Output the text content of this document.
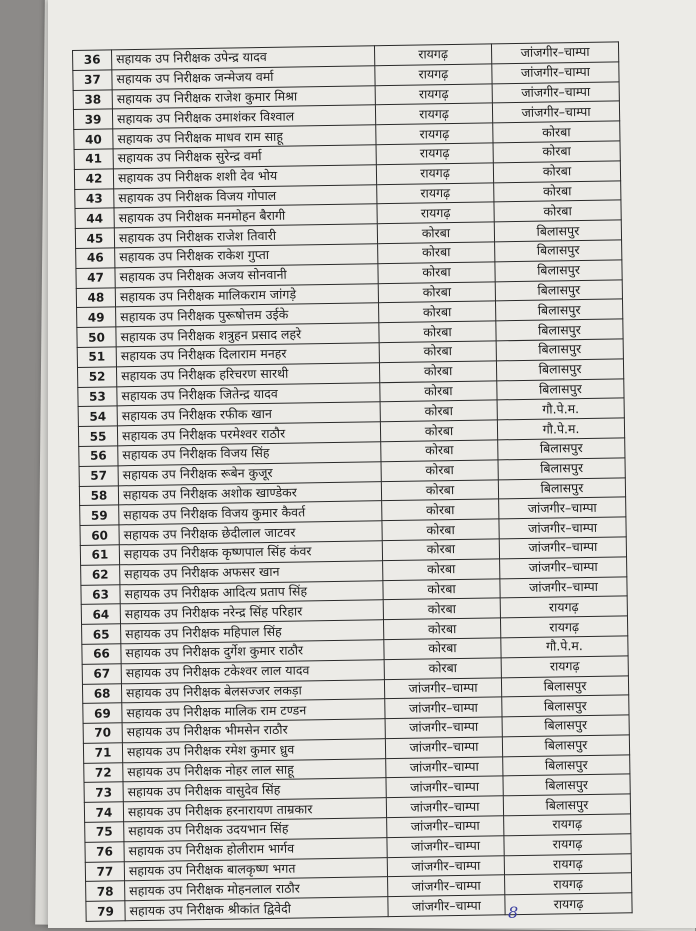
36	सहायक उप निरीक्षक उपेन्द्र यादव	रायगढ़	जांजगीर–चाम्पा
37	सहायक उप निरीक्षक जन्मेजय वर्मा	रायगढ़	जांजगीर–चाम्पा
38	सहायक उप निरीक्षक राजेश कुमार मिश्रा	रायगढ़	जांजगीर–चाम्पा
39	सहायक उप निरीक्षक उमाशंकर विश्वाल	रायगढ़	जांजगीर–चाम्पा
40	सहायक उप निरीक्षक माधव राम साहू	रायगढ़	कोरबा
41	सहायक उप निरीक्षक सुरेन्द्र वर्मा	रायगढ़	कोरबा
42	सहायक उप निरीक्षक शशी देव भोय	रायगढ़	कोरबा
43	सहायक उप निरीक्षक विजय गोपाल	रायगढ़	कोरबा
44	सहायक उप निरीक्षक मनमोहन बैरागी	रायगढ़	कोरबा
45	सहायक उप निरीक्षक राजेश तिवारी	कोरबा	बिलासपुर
46	सहायक उप निरीक्षक राकेश गुप्ता	कोरबा	बिलासपुर
47	सहायक उप निरीक्षक अजय सोनवानी	कोरबा	बिलासपुर
48	सहायक उप निरीक्षक मालिकराम जांगड़े	कोरबा	बिलासपुर
49	सहायक उप निरीक्षक पुरूषोत्तम उईके	कोरबा	बिलासपुर
50	सहायक उप निरीक्षक शत्रुहन प्रसाद लहरे	कोरबा	बिलासपुर
51	सहायक उप निरीक्षक दिलाराम मनहर	कोरबा	बिलासपुर
52	सहायक उप निरीक्षक हरिचरण सारथी	कोरबा	बिलासपुर
53	सहायक उप निरीक्षक जितेन्द्र यादव	कोरबा	बिलासपुर
54	सहायक उप निरीक्षक रफीक खान	कोरबा	गौ.पे.म.
55	सहायक उप निरीक्षक परमेश्वर राठौर	कोरबा	गौ.पे.म.
56	सहायक उप निरीक्षक विजय सिंह	कोरबा	बिलासपुर
57	सहायक उप निरीक्षक रूबेन कुजूर	कोरबा	बिलासपुर
58	सहायक उप निरीक्षक अशोक खाण्डेकर	कोरबा	बिलासपुर
59	सहायक उप निरीक्षक विजय कुमार कैवर्त	कोरबा	जांजगीर–चाम्पा
60	सहायक उप निरीक्षक छेदीलाल जाटवर	कोरबा	जांजगीर–चाम्पा
61	सहायक उप निरीक्षक कृष्णपाल सिंह कंवर	कोरबा	जांजगीर–चाम्पा
62	सहायक उप निरीक्षक अफसर खान	कोरबा	जांजगीर–चाम्पा
63	सहायक उप निरीक्षक आदित्य प्रताप सिंह	कोरबा	जांजगीर–चाम्पा
64	सहायक उप निरीक्षक नरेन्द्र सिंह परिहार	कोरबा	रायगढ़
65	सहायक उप निरीक्षक महिपाल सिंह	कोरबा	रायगढ़
66	सहायक उप निरीक्षक दुर्गेश कुमार राठौर	कोरबा	गौ.पे.म.
67	सहायक उप निरीक्षक टकेश्वर लाल यादव	कोरबा	रायगढ़
68	सहायक उप निरीक्षक बेलसज्जर लकड़ा	जांजगीर–चाम्पा	बिलासपुर
69	सहायक उप निरीक्षक मालिक राम टण्डन	जांजगीर–चाम्पा	बिलासपुर
70	सहायक उप निरीक्षक भीमसेन राठौर	जांजगीर–चाम्पा	बिलासपुर
71	सहायक उप निरीक्षक रमेश कुमार ध्रुव	जांजगीर–चाम्पा	बिलासपुर
72	सहायक उप निरीक्षक नोहर लाल साहू	जांजगीर–चाम्पा	बिलासपुर
73	सहायक उप निरीक्षक वासुदेव सिंह	जांजगीर–चाम्पा	बिलासपुर
74	सहायक उप निरीक्षक हरनारायण ताम्रकार	जांजगीर–चाम्पा	बिलासपुर
75	सहायक उप निरीक्षक उदयभान सिंह	जांजगीर–चाम्पा	रायगढ़
76	सहायक उप निरीक्षक होलीराम भार्गव	जांजगीर–चाम्पा	रायगढ़
77	सहायक उप निरीक्षक बालकृष्ण भगत	जांजगीर–चाम्पा	रायगढ़
78	सहायक उप निरीक्षक मोहनलाल राठौर	जांजगीर–चाम्पा	रायगढ़
79	सहायक उप निरीक्षक श्रीकांत द्विवेदी	जांजगीर–चाम्पा	रायगढ़
8
